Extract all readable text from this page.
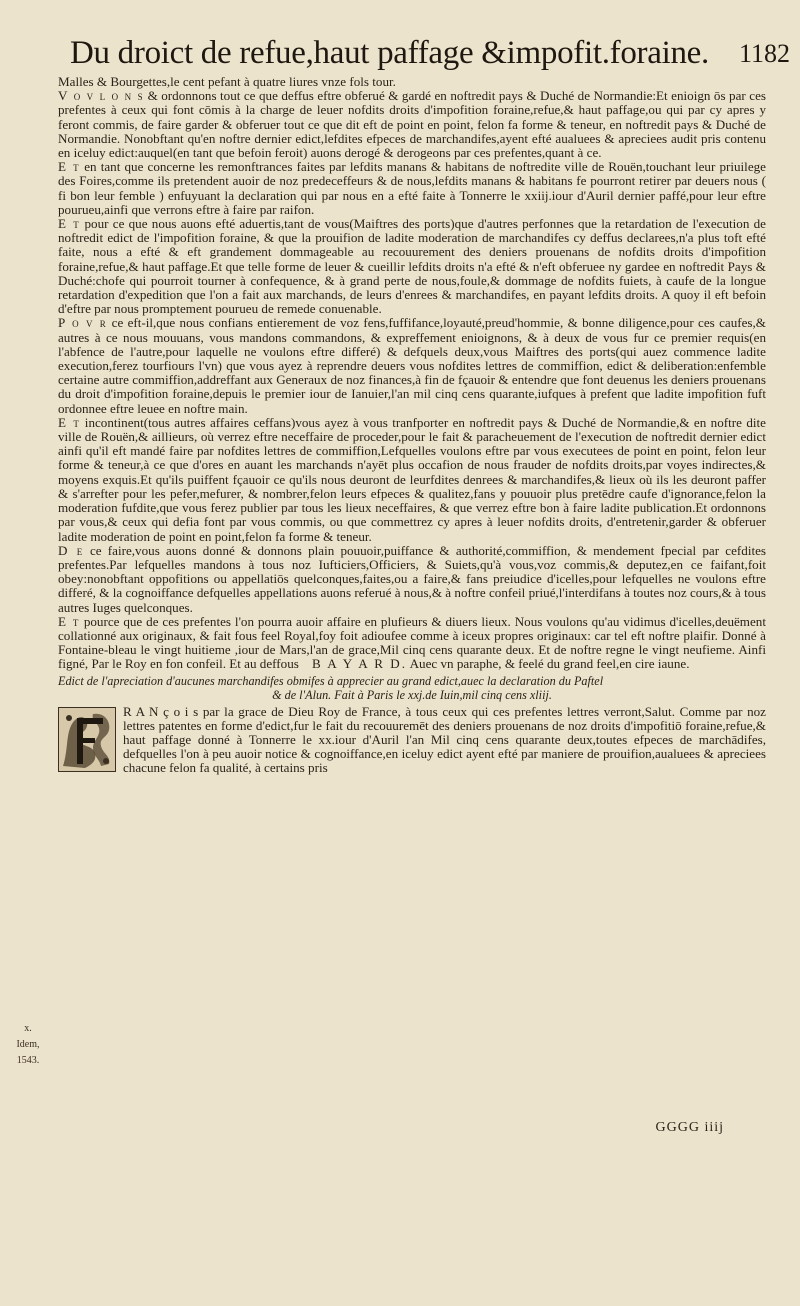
Du droict de refue,haut paffage &impofit.foraine. 1182

Malles & Bourgettes,le cent pefant à quatre liures vnze fols tour.

V o v l o n s & ordonnons tout ce que deffus eftre obferué & gardé en noftredit pays & Duché de Normandie:Et enioign ōs par ces prefentes à ceux qui font cōmis à la charge de leuer nofdits droits d'impofition foraine,refue,& haut paffage,ou qui par cy apres y feront commis, de faire garder & obferuer tout ce que dit eft de point en point, felon fa forme & teneur, en noftredit pays & Duché de Normandie. Nonobftant qu'en noftre dernier edict,lefdites efpeces de marchandifes,ayent efté aualuees & apreciees audit pris contenu en iceluy edict:auquel(en tant que befoin feroit) auons derogé & derogeons par ces prefentes,quant à ce.

E t en tant que concerne les remonftrances faites par lefdits manans & habitans de noftredite ville de Rouën,touchant leur priuilege des Foires,comme ils pretendent auoir de noz predeceffeurs & de nous,lefdits manans & habitans fe pourront retirer par deuers nous ( fi bon leur femble ) enfuyuant la declaration qui par nous en a efté faite à Tonnerre le xxiij.iour d'Auril dernier paffé,pour leur eftre pourueu,ainfi que verrons eftre à faire par raifon.

E t pour ce que nous auons efté aduertis,tant de vous(Maiftres des ports)que d'autres perfonnes que la retardation de l'execution de noftredit edict de l'impofition foraine, & que la prouifion de ladite moderation de marchandifes cy deffus declarees,n'a plus toft efté faite, nous a efté & eft grandement dommageable au recouurement des deniers prouenans de nofdits droits d'impofition foraine,refue,& haut paffage.Et que telle forme de leuer & cueillir lefdits droits n'a efté & n'eft obferuee ny gardee en noftredit Pays & Duché:chofe qui pourroit tourner à confequence, & à grand perte de nous,foule,& dommage de nofdits fuiets, à caufe de la longue retardation d'expedition que l'on a fait aux marchands, de leurs d'enrees & marchandifes, en payant lefdits droits. A quoy il eft befoin d'eftre par nous promptement pourueu de remede conuenable.

P o v r ce eft-il,que nous confians entierement de voz fens,fuffifance,loyauté,preud'hommie, & bonne diligence,pour ces caufes,& autres à ce nous mouuans, vous mandons commandons, & expreffement enioignons, & à deux de vous fur ce premier requis(en l'abfence de l'autre,pour laquelle ne voulons eftre differé) & defquels deux,vous Maiftres des ports(qui auez commence ladite execution,ferez tourfiours l'vn) que vous ayez à reprendre deuers vous nofdites lettres de commiffion, edict & deliberation:enfemble certaine autre commiffion,addreffant aux Generaux de noz finances,à fin de fçauoir & entendre que font deuenus les deniers prouenans du droit d'impofition foraine,depuis le premier iour de Ianuier,l'an mil cinq cens quarante,iufques à prefent que ladite impofition fuft ordonnee eftre leuee en noftre main.

E t incontinent(tous autres affaires ceffans)vous ayez à vous tranfporter en noftredit pays & Duché de Normandie,& en noftre dite ville de Rouën,& aillieurs, où verrez eftre neceffaire de proceder,pour le fait & paracheuement de l'execution de noftredit dernier edict ainfi qu'il eft mandé faire par nofdites lettres de commiffion,Lefquelles voulons eftre par vous executees de point en point, felon leur forme & teneur,à ce que d'ores en auant les marchands n'ayēt plus occafion de nous frauder de nofdits droits,par voyes indirectes,& moyens exquis.Et qu'ils puiffent fçauoir ce qu'ils nous deuront de leurfdites denrees & marchandifes,& lieux où ils les deuront paffer & s'arrefter pour les pefer,mefurer, & nombrer,felon leurs efpeces & qualitez,fans y pouuoir plus pretēdre caufe d'ignorance,felon la moderation fufdite,que vous ferez publier par tous les lieux neceffaires, & que verrez eftre bon à faire ladite publication.Et ordonnons par vous,& ceux qui defia font par vous commis, ou que commettrez cy apres à leuer nofdits droits, d'entretenir,garder & obferuer ladite moderation de point en point,felon fa forme & teneur.

D e ce faire,vous auons donné & donnons plain pouuoir,puiffance & authorité,commiffion, & mendement fpecial par cefdites prefentes.Par lefquelles mandons à tous noz Iufticiers,Officiers, & Suiets,qu'à vous,voz commis,& deputez,en ce faifant,foit obey:nonobftant oppofitions ou appellatiōs quelconques,faites,ou a faire,& fans preiudice d'icelles,pour lefquelles ne voulons eftre differé, & la cognoiffance defquelles appellations auons referué à nous,& à noftre confeil priué,l'interdifans à toutes noz cours,& à tous autres Iuges quelconques.

E t pource que de ces prefentes l'on pourra auoir affaire en plufieurs & diuers lieux. Nous voulons qu'au vidimus d'icelles,deuëment collationné aux originaux, & fait fous feel Royal,foy foit adioufee comme à iceux propres originaux: car tel eft noftre plaifir. Donné à Fontaine-bleau le vingt huitieme ,iour de Mars,l'an de grace,Mil cinq cens quarante deux. Et de noftre regne le vingt neufieme. Ainfi figné, Par le Roy en fon confeil. Et au deffous B A Y A R D. Auec vn paraphe, & feelé du grand feel,en cire iaune.

Edict de l'apreciation d'aucunes marchandifes obmifes à apprecier au grand edict,auec la declaration du Paftel
& de l'Alun. Fait à Paris le xxj.de Iuin,mil cinq cens xliij.

R A N ç o i s par la grace de Dieu Roy de France, à tous ceux qui ces prefentes lettres verront,Salut. Comme par noz lettres patentes en forme d'edict,fur le fait du recouuremēt des deniers prouenans de noz droits d'impofitiō foraine,refue,& haut paffage donné à Tonnerre le xx.iour d'Auril l'an Mil cinq cens quarante deux,toutes efpeces de marchādifes, defquelles l'on à peu auoir notice & cognoiffance,en iceluy edict ayent efté par maniere de prouifion,aualuees & apreciees chacune felon fa qualité, à certains pris

x.
Idem, 1543.
GGGG iiij
